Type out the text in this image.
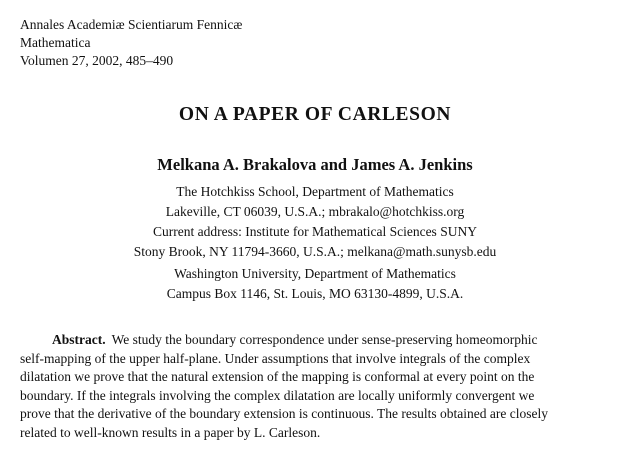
Annales Academiæ Scientiarum Fennicæ
Mathematica
Volumen 27, 2002, 485–490
ON A PAPER OF CARLESON
Melkana A. Brakalova and James A. Jenkins
The Hotchkiss School, Department of Mathematics
Lakeville, CT 06039, U.S.A.; mbrakalo@hotchkiss.org
Current address: Institute for Mathematical Sciences SUNY
Stony Brook, NY 11794-3660, U.S.A.; melkana@math.sunysb.edu
Washington University, Department of Mathematics
Campus Box 1146, St. Louis, MO 63130-4899, U.S.A.

Abstract. We study the boundary correspondence under sense-preserving homeomorphic

self-mapping of the upper half-plane. Under assumptions that involve integrals of the complex

dilatation we prove that the natural extension of the mapping is conformal at every point on the

boundary. If the integrals involving the complex dilatation are locally uniformly convergent we

prove that the derivative of the boundary extension is continuous. The results obtained are closely

related to well-known results in a paper by L. Carleson.
